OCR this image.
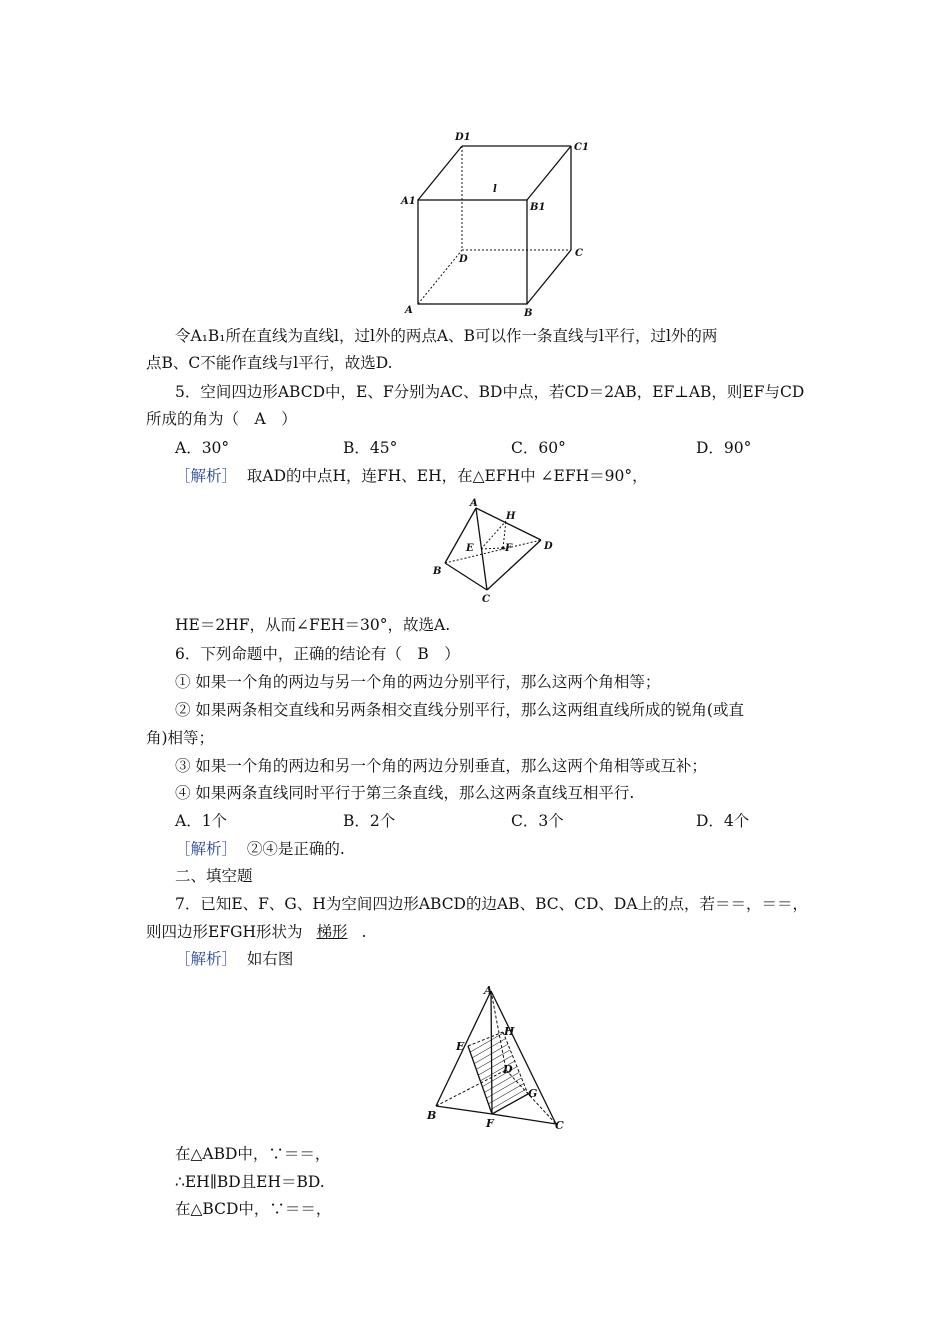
D1
C1
A1
B1
l
D
C
A	B
令A₁B₁所在直线为直线l，过l外的两点A、B可以作一条直线与l平行，过l外的两
点B、C不能作直线与l平行，故选D.
5．空间四边形ABCD中，E、F分别为AC、BD中点，若CD＝2AB，EF⊥AB，则EF与CD
所成的角为（　A　）
A．30°	B．45°	C．60°	D．90°
［解析］ 取AD的中点H，连FH、EH，在△EFH中 ∠EFH＝90°，
A
H
E	F	D
B
C
HE＝2HF，从而∠FEH＝30°，故选A.
6．下列命题中，正确的结论有（　B　）
① 如果一个角的两边与另一个角的两边分别平行，那么这两个角相等；
② 如果两条相交直线和另两条相交直线分别平行，那么这两组直线所成的锐角(或直
角)相等；
③ 如果一个角的两边和另一个角的两边分别垂直，那么这两个角相等或互补；
④ 如果两条直线同时平行于第三条直线，那么这两条直线互相平行.
A．1个	B．2个	C．3个	D．4个
［解析］ ②④是正确的.
二、填空题
7．已知E、F、G、H为空间四边形ABCD的边AB、BC、CD、DA上的点，若＝＝，＝＝，
则四边形EFGH形状为 梯形 .
［解析］ 如右图
A
H
E
D
G
B
F	C
在△ABD中，∵＝＝，
∴EH∥BD且EH＝BD.
在△BCD中，∵＝＝，
